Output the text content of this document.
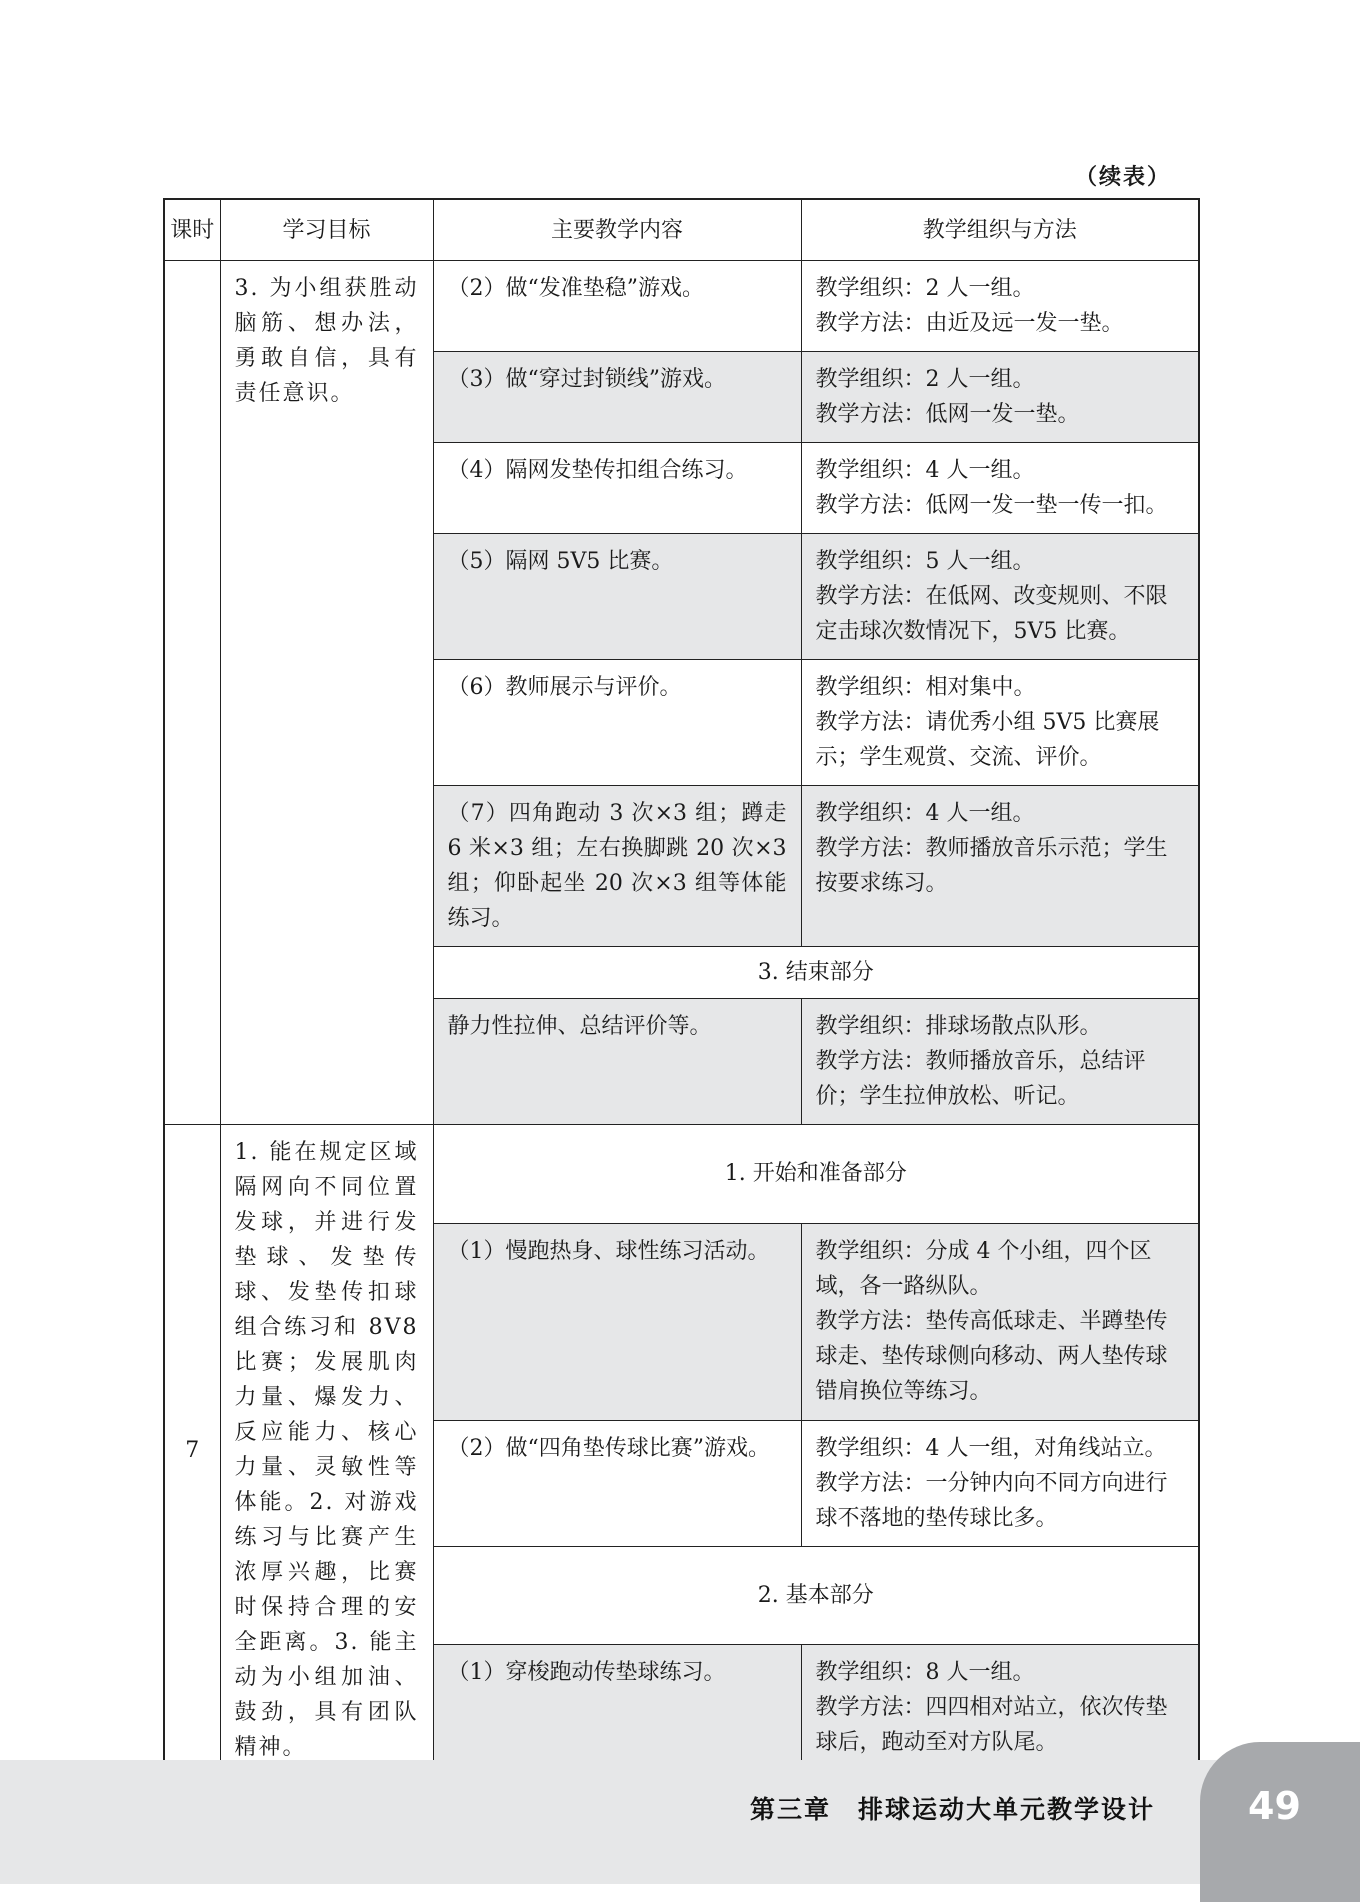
（续表）
课时	学习目标	主要教学内容	教学组织与方法
	3. 为小组获胜动脑筋、想办法，勇敢自信，具有责任意识。	（2）做“发准垫稳”游戏。	教学组织：2 人一组。
教学方法：由近及远一发一垫。

		（3）做“穿过封锁线”游戏。	教学组织：2 人一组。
教学方法：低网一发一垫。

		（4）隔网发垫传扣组合练习。	教学组织：4 人一组。
教学方法：低网一发一垫一传一扣。

		（5）隔网 5V5 比赛。	教学组织：5 人一组。
教学方法：在低网、改变规则、不限定击球次数情况下，5V5 比赛。

		（6）教师展示与评价。	教学组织：相对集中。
教学方法：请优秀小组 5V5 比赛展示；学生观赏、交流、评价。

		（7）四角跑动 3 次×3 组；蹲走 6 米×3 组；左右换脚跳 20 次×3 组；仰卧起坐 20 次×3 组等体能练习。	教学组织：4 人一组。
教学方法：教师播放音乐示范；学生按要求练习。

		3. 结束部分	
		静力性拉伸、总结评价等。	教学组织：排球场散点队形。
教学方法：教师播放音乐，总结评价；学生拉伸放松、听记。

7	1. 能在规定区域隔网向不同位置发球，并进行发垫球、发垫传球、发垫传扣球组合练习和 8V8 比赛；发展肌肉力量、爆发力、反应能力、核心力量、灵敏性等体能。2. 对游戏练习与比赛产生浓厚兴趣，比赛时保持合理的安全距离。3. 能主动为小组加油、鼓劲，具有团队精神。	1. 开始和准备部分	
		（1）慢跑热身、球性练习活动。	教学组织：分成 4 个小组，四个区域，各一路纵队。
教学方法：垫传高低球走、半蹲垫传球走、垫传球侧向移动、两人垫传球错肩换位等练习。

		（2）做“四角垫传球比赛”游戏。	教学组织：4 人一组，对角线站立。
教学方法：一分钟内向不同方向进行球不落地的垫传球比多。

		2. 基本部分	
		（1）穿梭跑动传垫球练习。	教学组织：8 人一组。
教学方法：四四相对站立，依次传垫球后，跑动至对方队尾。
第三章　排球运动大单元教学设计 49
